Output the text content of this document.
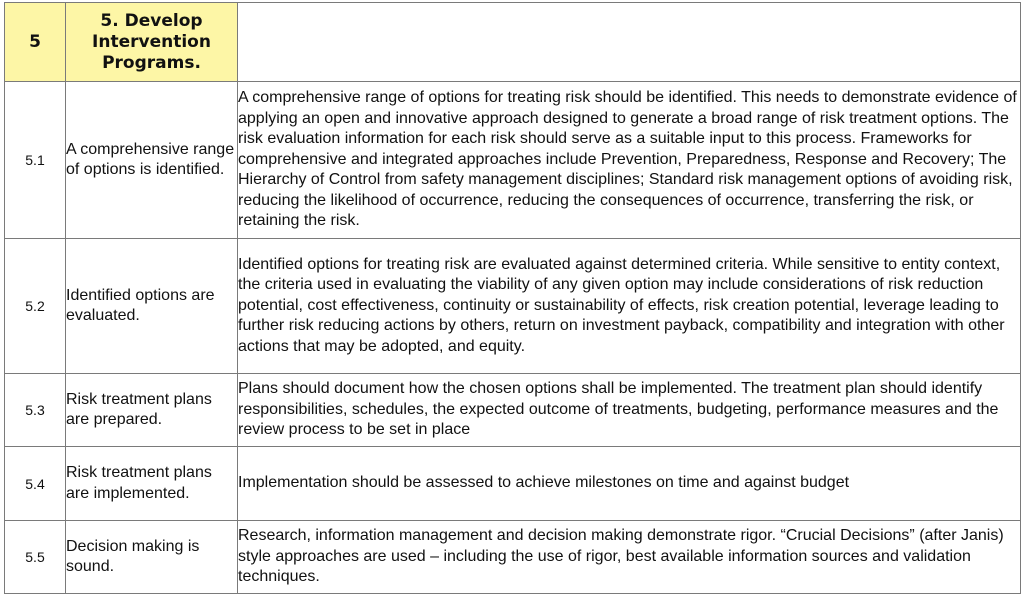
5	5. Develop Intervention Programs.	
5.1	A comprehensive range of options is identified.	A comprehensive range of options for treating risk should be identified. This needs to demonstrate evidence of applying an open and innovative approach designed to generate a broad range of risk treatment options. The risk evaluation information for each risk should serve as a suitable input to this process. Frameworks for comprehensive and integrated approaches include Prevention, Preparedness, Response and Recovery; The Hierarchy of Control from safety management disciplines; Standard risk management options of avoiding risk, reducing the likelihood of occurrence, reducing the consequences of occurrence, transferring the risk, or retaining the risk.
5.2	Identified options are evaluated.	Identified options for treating risk are evaluated against determined criteria. While sensitive to entity context, the criteria used in evaluating the viability of any given option may include considerations of risk reduction potential, cost effectiveness, continuity or sustainability of effects, risk creation potential, leverage leading to further risk reducing actions by others, return on investment payback, compatibility and integration with other actions that may be adopted, and equity.
5.3	Risk treatment plans are prepared.	Plans should document how the chosen options shall be implemented. The treatment plan should identify responsibilities, schedules, the expected outcome of treatments, budgeting, performance measures and the review process to be set in place
5.4	Risk treatment plans are implemented.	Implementation should be assessed to achieve milestones on time and against budget
5.5	Decision making is sound.	Research, information management and decision making demonstrate rigor. “Crucial Decisions” (after Janis) style approaches are used – including the use of rigor, best available information sources and validation techniques.
